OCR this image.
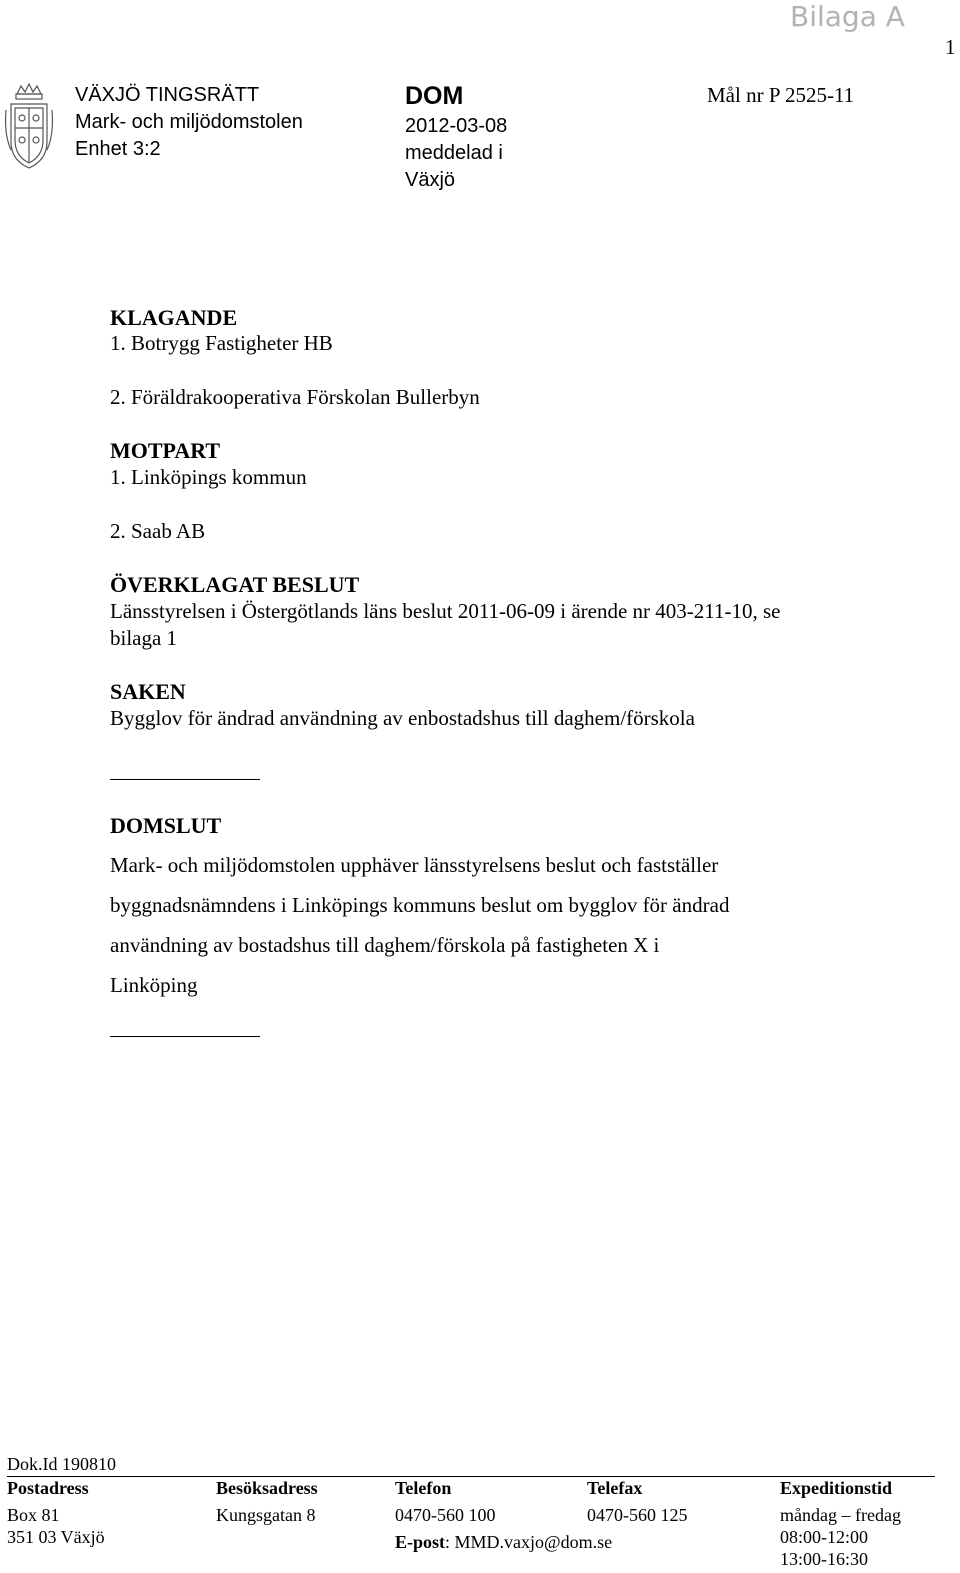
Bilaga A
1
VÄXJÖ TINGSRÄTT
Mark- och miljödomstolen
Enhet 3:2
DOM
2012-03-08
meddelad i
Växjö
Mål nr P 2525-11
KLAGANDE
1. Botrygg Fastigheter HB
2. Föräldrakooperativa Förskolan Bullerbyn
MOTPART
1. Linköpings kommun
2. Saab AB
ÖVERKLAGAT BESLUT
Länsstyrelsen i Östergötlands läns beslut 2011-06-09 i ärende nr 403-211-10, se
bilaga 1
SAKEN
Bygglov för ändrad användning av enbostadshus till daghem/förskola
DOMSLUT
Mark- och miljödomstolen upphäver länsstyrelsens beslut och fastställer
byggnadsnämndens i Linköpings kommuns beslut om bygglov för ändrad
användning av bostadshus till daghem/förskola på fastigheten X i
Linköping
Dok.Id 190810
Postadress
Box 81
351 03 Växjö
Besöksadress
Kungsgatan 8
Telefon
0470-560 100
E-post: MMD.vaxjo@dom.se
Telefax
0470-560 125
Expeditionstid
måndag – fredag
08:00-12:00
13:00-16:30
